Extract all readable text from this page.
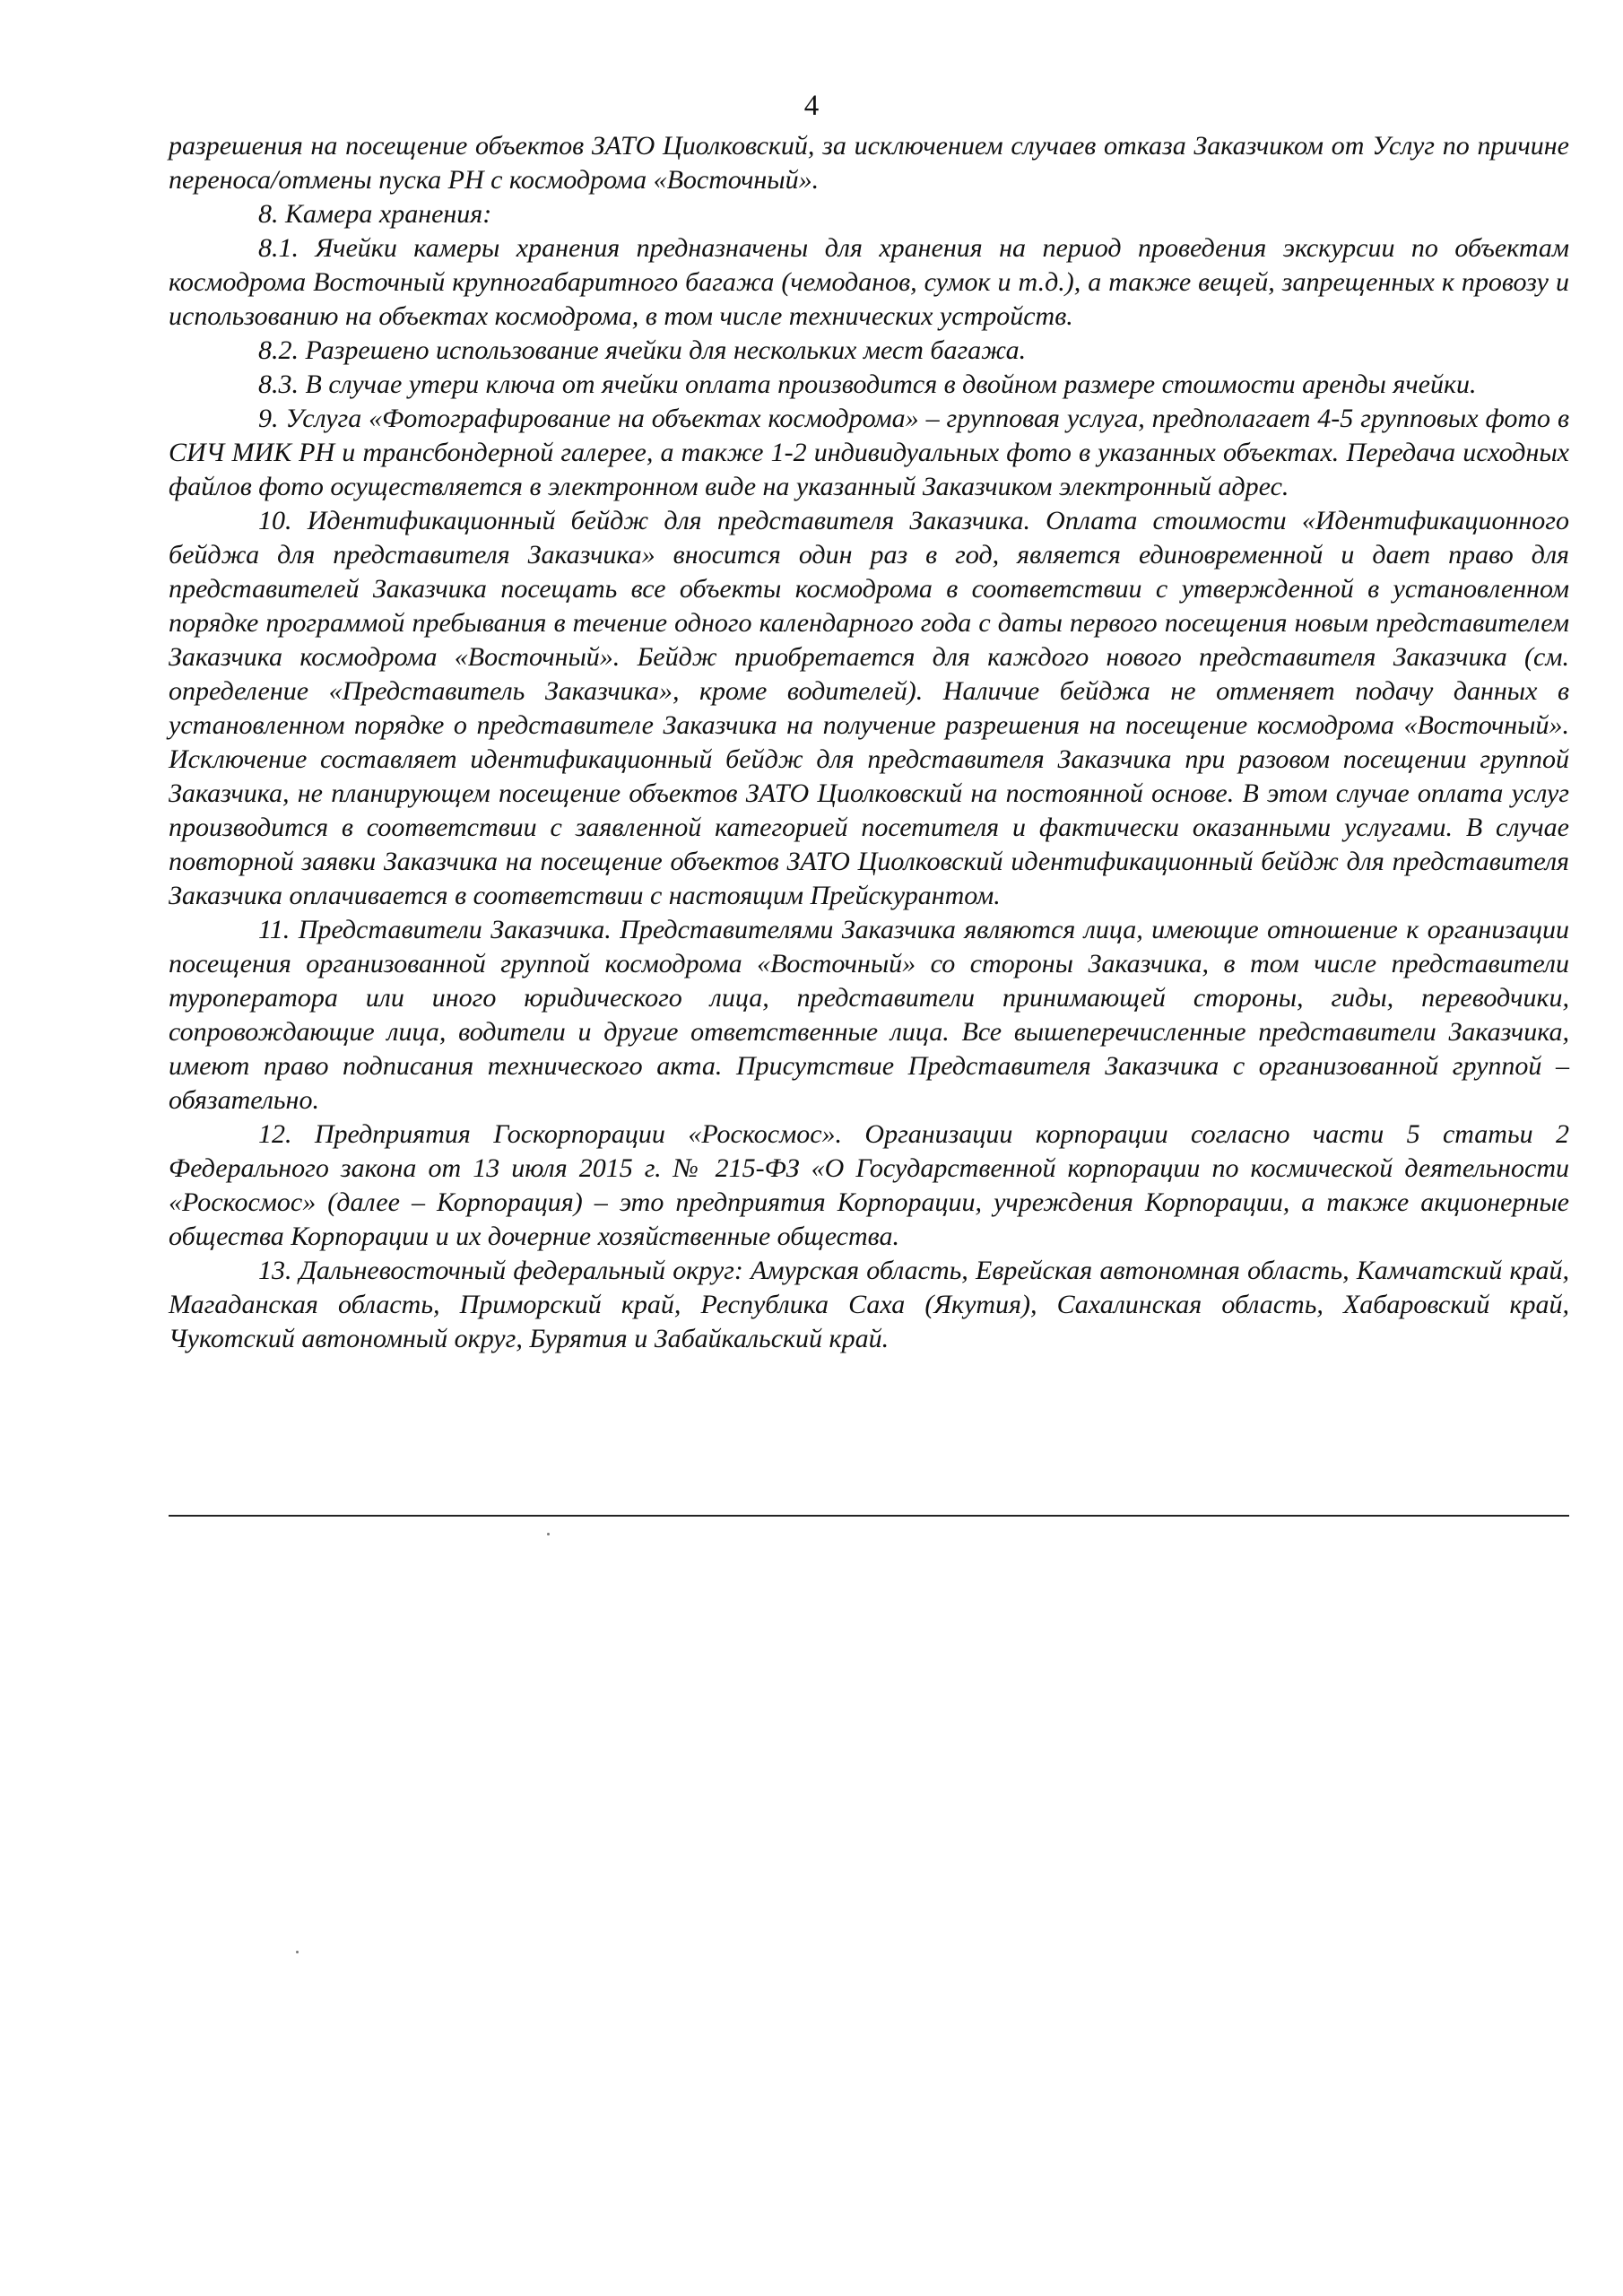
4

разрешения на посещение объектов ЗАТО Циолковский, за исключением случаев отказа Заказчиком от Услуг по причине переноса/отмены пуска РН с космодрома «Восточный».

8. Камера хранения:

8.1. Ячейки камеры хранения предназначены для хранения на период проведения экскурсии по объектам космодрома Восточный крупногабаритного багажа (чемоданов, сумок и т.д.), а также вещей, запрещенных к провозу и использованию на объектах космодрома, в том числе технических устройств.

8.2. Разрешено использование ячейки для нескольких мест багажа.

8.3. В случае утери ключа от ячейки оплата производится в двойном размере стоимости аренды ячейки.

9. Услуга «Фотографирование на объектах космодрома» – групповая услуга, предполагает 4-5 групповых фото в СИЧ МИК РН и трансбондерной галерее, а также 1-2 индивидуальных фото в указанных объектах. Передача исходных файлов фото осуществляется в электронном виде на указанный Заказчиком электронный адрес.

10. Идентификационный бейдж для представителя Заказчика. Оплата стоимости «Идентификационного бейджа для представителя Заказчика» вносится один раз в год, является единовременной и дает право для представителей Заказчика посещать все объекты космодрома в соответствии с утвержденной в установленном порядке программой пребывания в течение одного календарного года с даты первого посещения новым представителем Заказчика космодрома «Восточный». Бейдж приобретается для каждого нового представителя Заказчика (см. определение «Представитель Заказчика», кроме водителей). Наличие бейджа не отменяет подачу данных в установленном порядке о представителе Заказчика на получение разрешения на посещение космодрома «Восточный». Исключение составляет идентификационный бейдж для представителя Заказчика при разовом посещении группой Заказчика, не планирующем посещение объектов ЗАТО Циолковский на постоянной основе. В этом случае оплата услуг производится в соответствии с заявленной категорией посетителя и фактически оказанными услугами. В случае повторной заявки Заказчика на посещение объектов ЗАТО Циолковский идентификационный бейдж для представителя Заказчика оплачивается в соответствии с настоящим Прейскурантом.

11. Представители Заказчика. Представителями Заказчика являются лица, имеющие отношение к организации посещения организованной группой космодрома «Восточный» со стороны Заказчика, в том числе представители туроператора или иного юридического лица, представители принимающей стороны, гиды, переводчики, сопровождающие лица, водители и другие ответственные лица. Все вышеперечисленные представители Заказчика, имеют право подписания технического акта. Присутствие Представителя Заказчика с организованной группой – обязательно.

12. Предприятия Госкорпорации «Роскосмос». Организации корпорации согласно части 5 статьи 2 Федерального закона от 13 июля 2015 г. № 215-ФЗ «О Государственной корпорации по космической деятельности «Роскосмос» (далее – Корпорация) – это предприятия Корпорации, учреждения Корпорации, а также акционерные общества Корпорации и их дочерние хозяйственные общества.

13. Дальневосточный федеральный округ: Амурская область, Еврейская автономная область, Камчатский край, Магаданская область, Приморский край, Республика Саха (Якутия), Сахалинская область, Хабаровский край, Чукотский автономный округ, Бурятия и Забайкальский край.
